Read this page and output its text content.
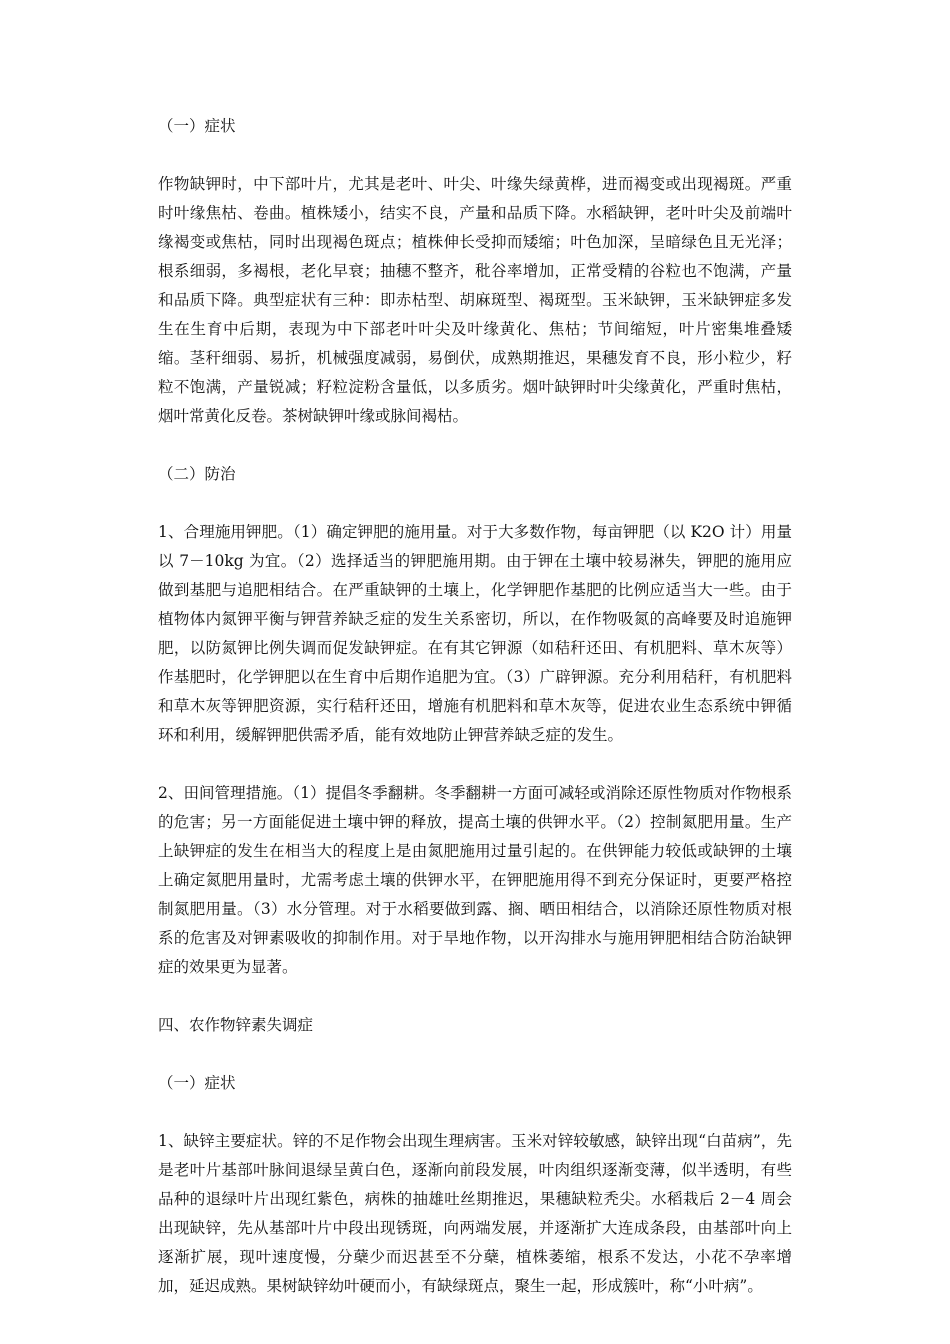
（一）症状
作物缺钾时，中下部叶片，尤其是老叶、叶尖、叶缘失绿黄桦，进而褐变或出现褐斑。严重时叶缘焦枯、卷曲。植株矮小，结实不良，产量和品质下降。水稻缺钾，老叶叶尖及前端叶缘褐变或焦枯，同时出现褐色斑点；植株伸长受抑而矮缩；叶色加深，呈暗绿色且无光泽；根系细弱，多褐根，老化早衰；抽穗不整齐，秕谷率增加，正常受精的谷粒也不饱满，产量和品质下降。典型症状有三种：即赤枯型、胡麻斑型、褐斑型。玉米缺钾，玉米缺钾症多发生在生育中后期，表现为中下部老叶叶尖及叶缘黄化、焦枯；节间缩短，叶片密集堆叠矮缩。茎秆细弱、易折，机械强度减弱，易倒伏，成熟期推迟，果穗发育不良，形小粒少，籽粒不饱满，产量锐减；籽粒淀粉含量低，以多质劣。烟叶缺钾时叶尖缘黄化，严重时焦枯，烟叶常黄化反卷。茶树缺钾叶缘或脉间褐枯。
（二）防治
1、合理施用钾肥。（1）确定钾肥的施用量。对于大多数作物，每亩钾肥（以 K2O 计）用量以 7－10kg 为宜。（2）选择适当的钾肥施用期。由于钾在土壤中较易淋失，钾肥的施用应做到基肥与追肥相结合。在严重缺钾的土壤上，化学钾肥作基肥的比例应适当大一些。由于植物体内氮钾平衡与钾营养缺乏症的发生关系密切，所以，在作物吸氮的高峰要及时追施钾肥，以防氮钾比例失调而促发缺钾症。在有其它钾源（如秸秆还田、有机肥料、草木灰等）作基肥时，化学钾肥以在生育中后期作追肥为宜。（3）广辟钾源。充分利用秸秆，有机肥料和草木灰等钾肥资源，实行秸秆还田，增施有机肥料和草木灰等，促进农业生态系统中钾循环和利用，缓解钾肥供需矛盾，能有效地防止钾营养缺乏症的发生。
2、田间管理措施。（1）提倡冬季翻耕。冬季翻耕一方面可减轻或消除还原性物质对作物根系的危害；另一方面能促进土壤中钾的释放，提高土壤的供钾水平。（2）控制氮肥用量。生产上缺钾症的发生在相当大的程度上是由氮肥施用过量引起的。在供钾能力较低或缺钾的土壤上确定氮肥用量时，尤需考虑土壤的供钾水平，在钾肥施用得不到充分保证时，更要严格控制氮肥用量。（3）水分管理。对于水稻要做到露、搁、晒田相结合，以消除还原性物质对根系的危害及对钾素吸收的抑制作用。对于旱地作物，以开沟排水与施用钾肥相结合防治缺钾症的效果更为显著。
四、农作物锌素失调症
（一）症状
1、缺锌主要症状。锌的不足作物会出现生理病害。玉米对锌较敏感，缺锌出现“白苗病”，先是老叶片基部叶脉间退绿呈黄白色，逐渐向前段发展，叶肉组织逐渐变薄，似半透明，有些品种的退绿叶片出现红紫色，病株的抽雄吐丝期推迟，果穗缺粒秃尖。水稻栽后 2－4 周会出现缺锌，先从基部叶片中段出现锈斑，向两端发展，并逐渐扩大连成条段，由基部叶向上逐渐扩展，现叶速度慢，分蘖少而迟甚至不分蘖，植株萎缩，根系不发达，小花不孕率增加，延迟成熟。果树缺锌幼叶硬而小，有缺绿斑点，聚生一起，形成簇叶，称“小叶病”。
